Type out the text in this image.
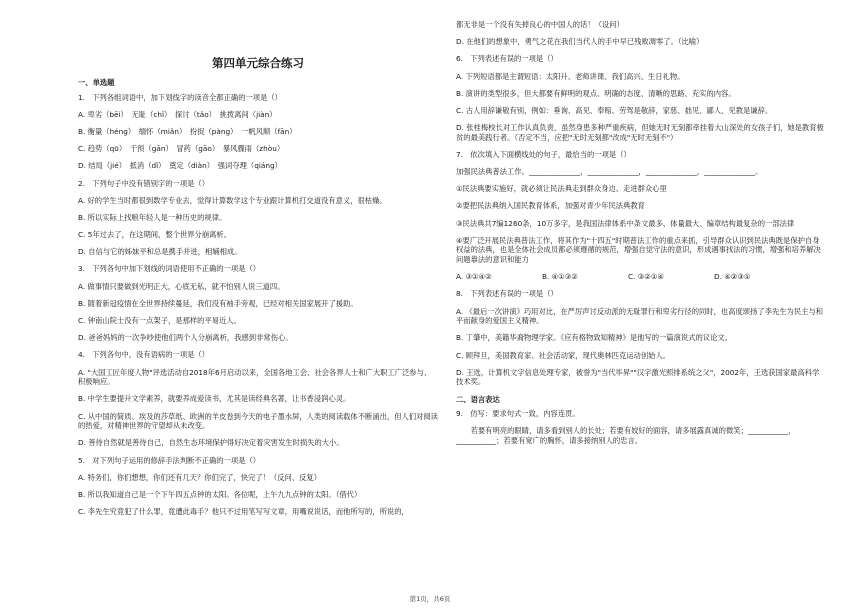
第四单元综合练习
一、单选题
1.　下列各组词语中，加下划线字的读音全都正确的一项是（）
A. 卑劣（bēi）　无耻（chǐ）　探讨（tǎo）　挑拨离间（jiàn）
B. 衡量（héng）　缅怀（miǎn）　扮捉（pàng）　一帆风顺（fān）
C. 趋势（qū）　干预（gān）　冒药（gāo）　暴风骤雨（zhòu）
D. 结局（jié）　抵消（dǐ）　奠定（diàn）　强词夺理（qiáng）
2.　下列句子中没有错别字的一项是（）
A. 好的学生当时都很到数学专业去，觉得计算数学这个专业跟计算机打交道没有意义，很枯燥。
B. 所以实际上找粮年轻人是一种历史的规律。
C. 5年过去了，在这期间，整个世界分崩离析。
D. 自信与它的姊妹平和总是携手并进，相辅相成。
3.　下列各句中加下划线的词语使用不正确的一项是（）
A. 做事情只要做到光明正大，心底无私，就不怕别人说三道四。
B. 随着新冠疫情在全世界持续蔓延，我们没有袖手旁观，已经对相关国家展开了援助。
C. 钟南山院士没有一点架子，是那样的平易近人。
D. 爸爸妈妈的一次争吵使他们两个人分崩离析，我感到非常伤心。
4.　下列各句中，没有语病的一项是（）
A. "大国工匠年度人物"评选活动自2018年6月启动以来，全国各地工会、社会各界人士和广大职工广泛参与、积极响应。
B. 中学生要提升文学素养，就要养成爱读书，尤其是读经典名著，让书香浸润心灵。
C. 从中国的简质、埃及的莎草纸、欧洲的羊皮卷到今天的电子墨水屏，人类的阅读载体不断涌出，但人们对阅读的热爱，对精神世界的守望却从未改变。
D. 善待自然就是善待自己，自然生态环境保护得好决定着灾害发生时损失的大小。
5.　对下列句子运用的修辞手法判断不正确的一项是（）
A. 特务们，你们想想，你们还有几天？你们完了，快完了！（反问、反复）
B. 所以我知道自己是一个下午四五点钟的太阳。各位呢，上午九九点钟的太阳。（借代）
C. 李先生究竟犯了什么罪，竟遭此毒手？他只不过用笔写写文章，用嘴说说话，而他所写的，所说的，
都无非是一个没有失掉良心的中国人的话！（设问）
D. 在他们的想象中，勇气之花在我们当代人的手中早已残败凋零了。（比喻）
6.　下列表述有误的一项是（）
A. 下列短语都是主谓短语：太阳升、老师讲课、我们高兴、生日礼物。
B. 演讲的类型很多，但大都要有鲜明的观点、明确的态度、清晰的思路、充实的内容。
C. 古人用辞谦敬有别，例如：垂询、高见、奉赔、劳驾是敬辞，家慈、拙见、鄙人、见教是谦辞。
D. 张桂梅校长对工作认真负责，虽然身患多种严重疾病，但她无时无刻都牵挂着大山深处的女孩子们，她是教育极贫的最美践行者。（否定不当，应把"无时无刻都"改成"无时无刻不"）
7.　依次填入下面横线处的句子，最恰当的一项是（）
加强民法典普法工作。______________，______________，______________，______________。
①民法典要实施好，就必须让民法典走到群众身边、走进群众心里
②要把民法典纳入国民教育体系，加强对青少年民法典教育
③民法典共7编1260条，10万多字，是我国法律体系中条文最多、体量最大、编章结构最复杂的一部法律
④要广泛开展民法典普法工作，将其作为"十四五"时期普法工作的重点来抓，引导群众认识到民法典既是保护自身权益的法典，也是全体社会成员都必须遵循的规范，增强自觉守法的意识，形成遇事找法的习惯，增强和培养解决问题靠法的意识和能力
A. ③①④②	B. ④①③②	C. ③②①④	D. ④②③①
8.　下列表述有误的一项是（）
A. 《最后一次讲演》巧用对比，在严厉声讨反动派的无耻罪行和卑劣行径的同时，也高度颂扬了李先生为民主与和平而献身的爱国主义精神。
B. 丁肇中，美籍华裔物理学家。《应有格物致知精神》是他写的一篇演说式的议论文。
C. 顾拜旦，美国教育家、社会活动家，现代奥林匹克运动创始人。
D. 王选，计算机文字信息处理专家，被誉为"当代毕昇""汉字激光照排系统之父"，2002年，王选获国家最高科学技术奖。
二、语言表达
9.　仿写：要求句式一致，内容连贯。
　　若要有明亮的眼睛，请多看到别人的长处；若要有姣好的面容，请多展露真诚的微笑；___________，___________；若要有宽广的胸怀，请多接纳别人的忠言。
第1页，共6页
